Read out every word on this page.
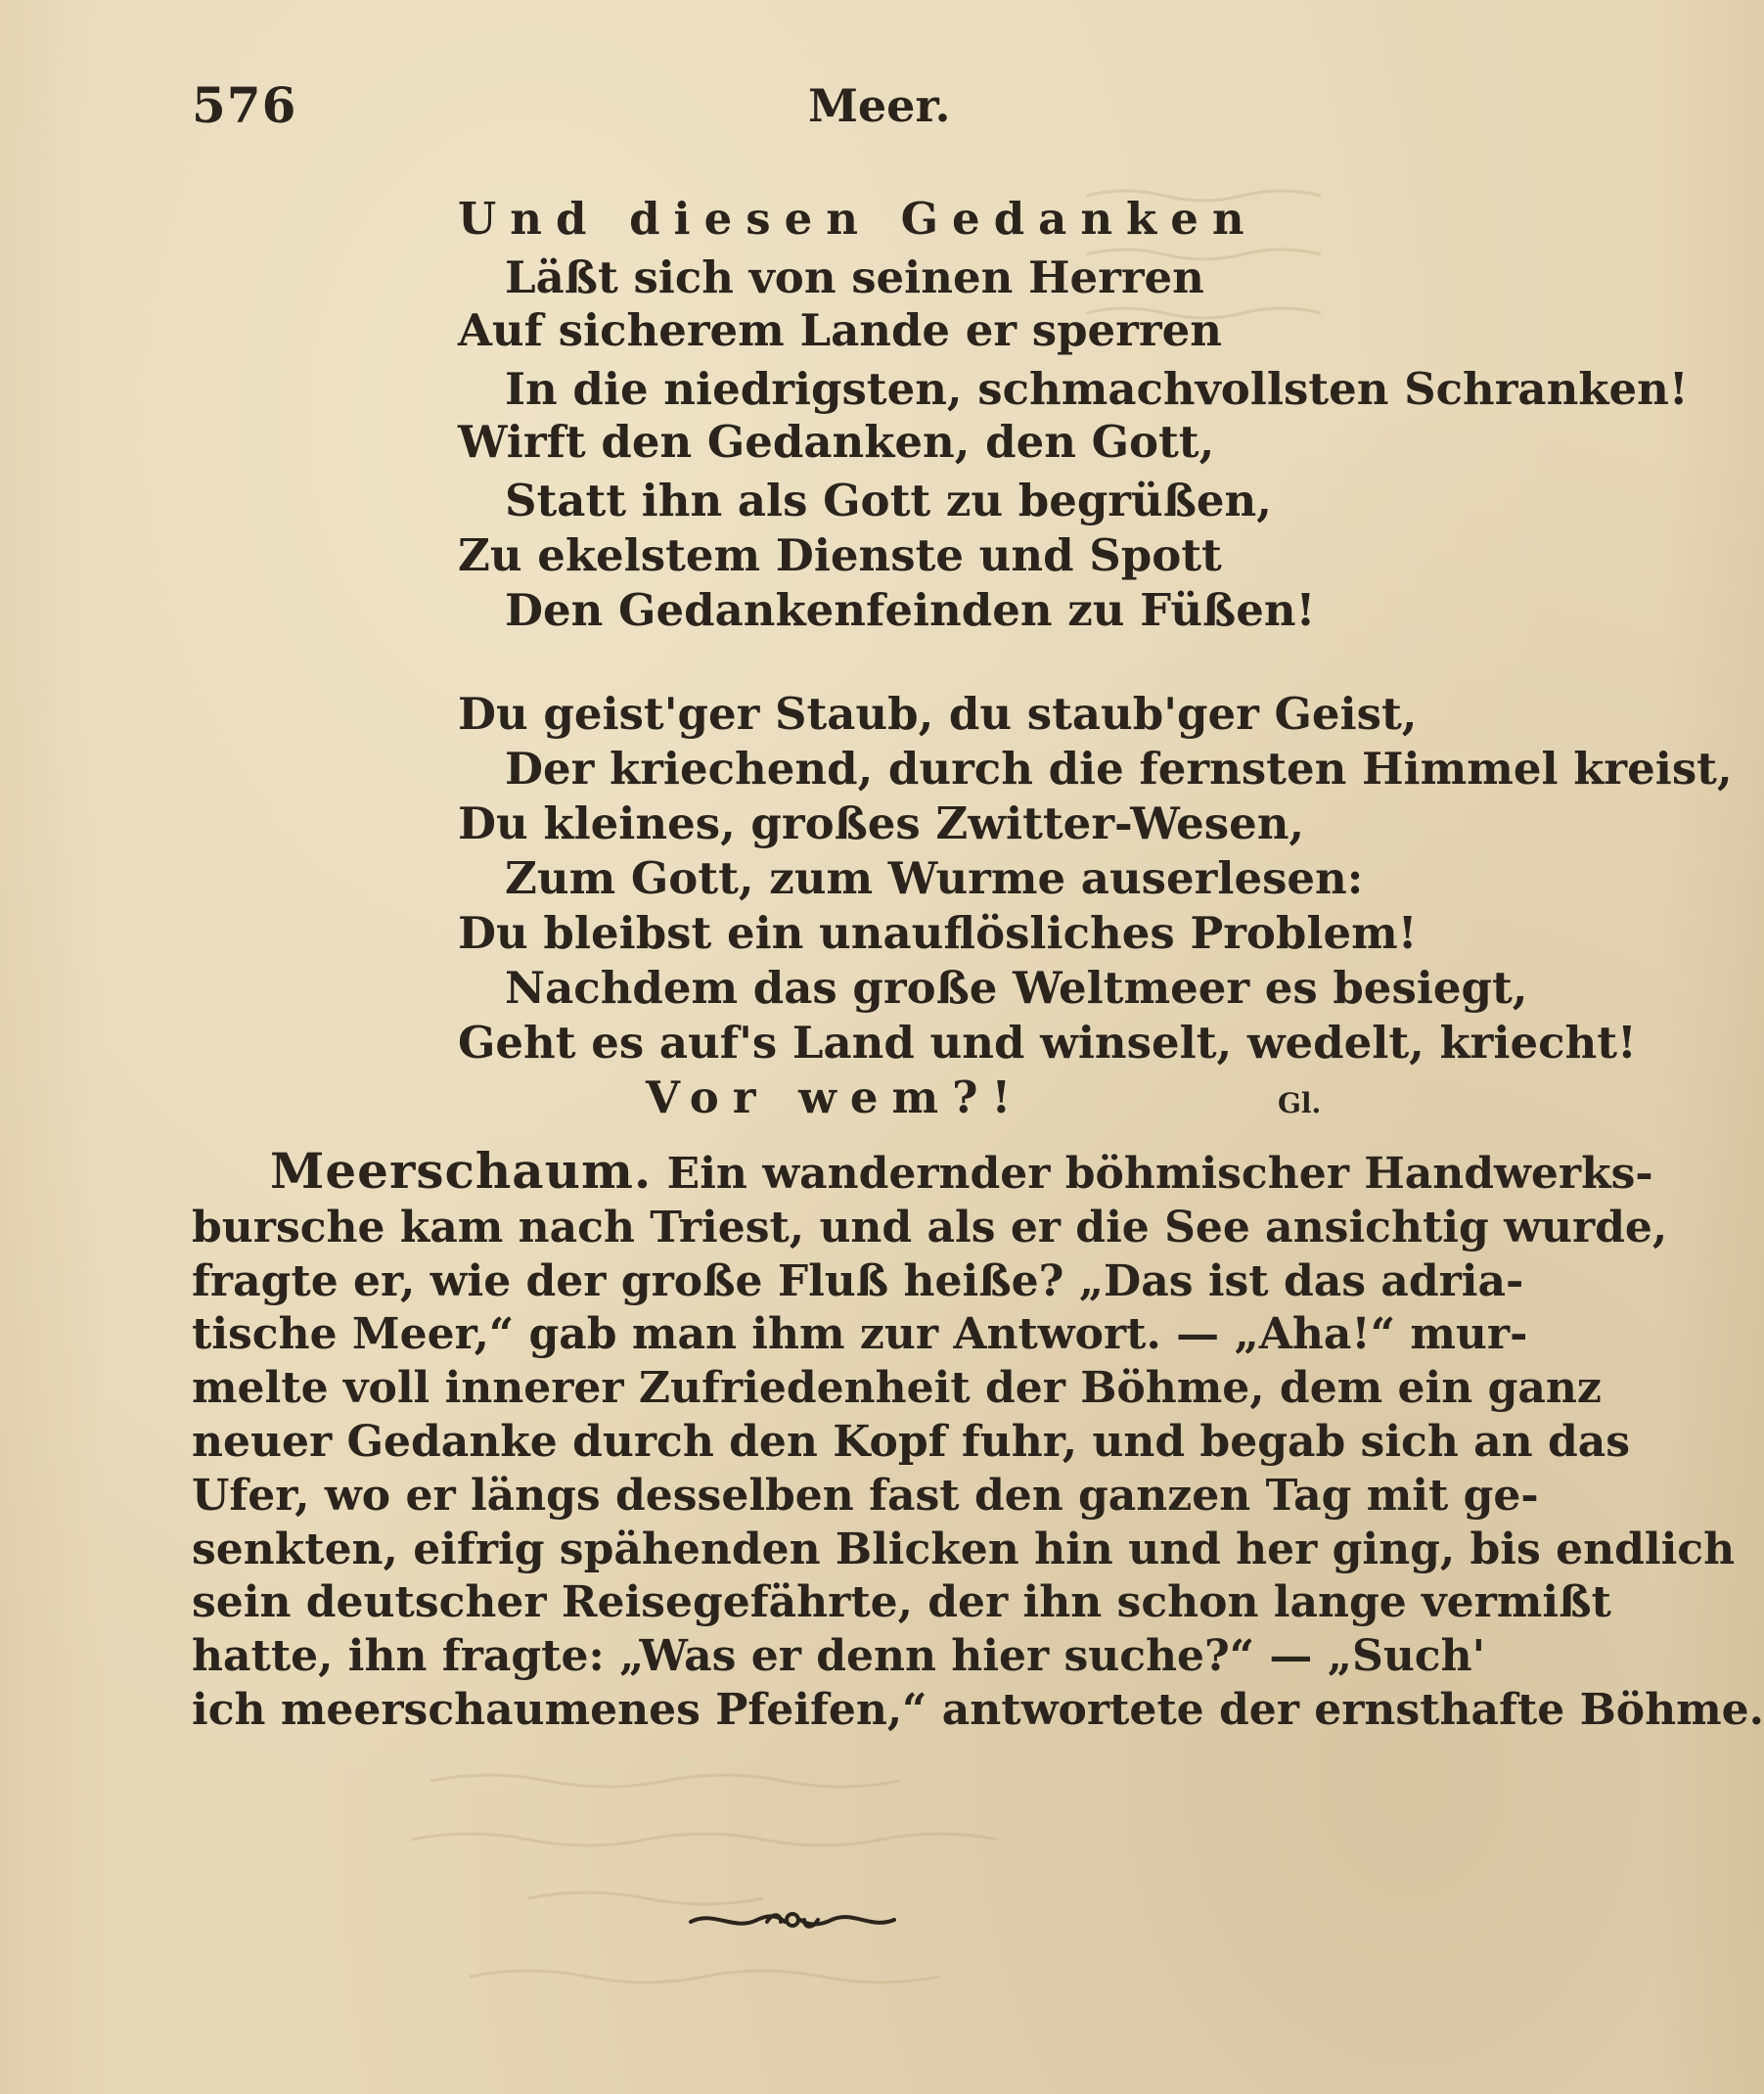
576	Meer.
Und diesen Gedanken
Läßt sich von seinen Herren
Auf sicherem Lande er sperren
In die niedrigsten, schmachvollsten Schranken!
Wirft den Gedanken, den Gott,
Statt ihn als Gott zu begrüßen,
Zu ekelstem Dienste und Spott
Den Gedankenfeinden zu Füßen!
Du geist'ger Staub, du staub'ger Geist,
Der kriechend, durch die fernsten Himmel kreist,
Du kleines, großes Zwitter-Wesen,
Zum Gott, zum Wurme auserlesen:
Du bleibst ein unauflösliches Problem!
Nachdem das große Weltmeer es besiegt,
Geht es auf's Land und winselt, wedelt, kriecht!
Vor wem?!	Gl.
Meerschaum. Ein wandernder böhmischer Handwerks-
bursche kam nach Triest, und als er die See ansichtig wurde,
fragte er, wie der große Fluß heiße? „Das ist das adria-
tische Meer,“ gab man ihm zur Antwort. — „Aha!“ mur-
melte voll innerer Zufriedenheit der Böhme, dem ein ganz
neuer Gedanke durch den Kopf fuhr, und begab sich an das
Ufer, wo er längs desselben fast den ganzen Tag mit ge-
senkten, eifrig spähenden Blicken hin und her ging, bis endlich
sein deutscher Reisegefährte, der ihn schon lange vermißt
hatte, ihn fragte: „Was er denn hier suche?“ — „Such'
ich meerschaumenes Pfeifen,“ antwortete der ernsthafte Böhme.
